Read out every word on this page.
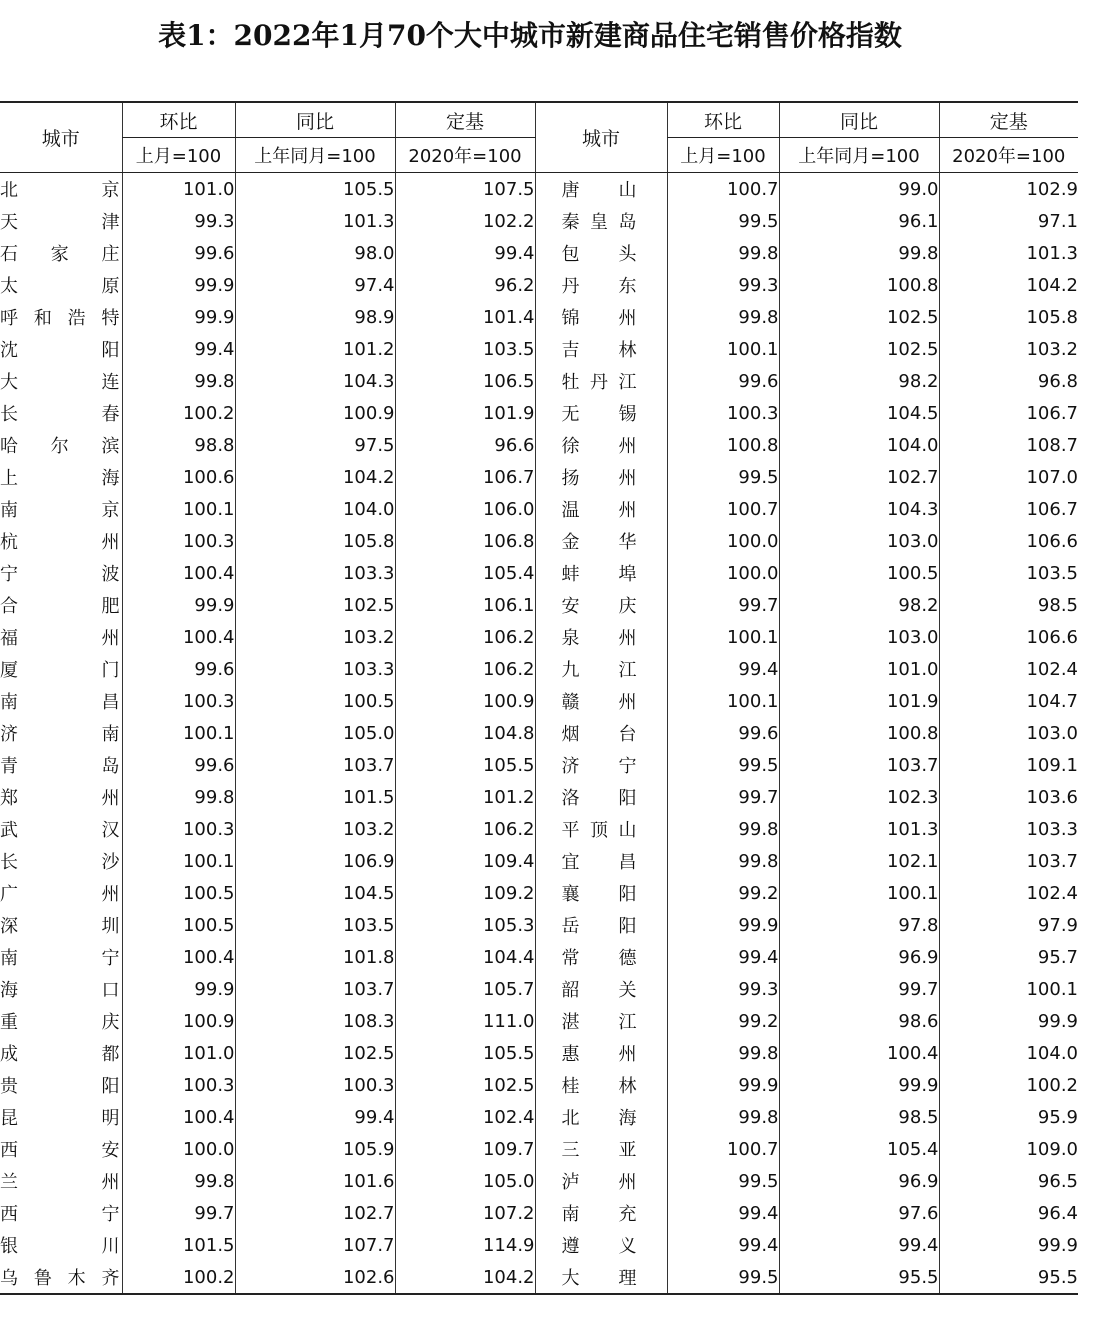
表1：2022年1月70个大中城市新建商品住宅销售价格指数
城市	环比	同比	定基	城市	环比	同比	定基
	上月=100	上年同月=100	2020年=100		上月=100	上年同月=100	2020年=100
北京	101.0	105.5	107.5	唐山	100.7	99.0	102.9
天津	99.3	101.3	102.2	秦皇岛	99.5	96.1	97.1
石家庄	99.6	98.0	99.4	包头	99.8	99.8	101.3
太原	99.9	97.4	96.2	丹东	99.3	100.8	104.2
呼和浩特	99.9	98.9	101.4	锦州	99.8	102.5	105.8
沈阳	99.4	101.2	103.5	吉林	100.1	102.5	103.2
大连	99.8	104.3	106.5	牡丹江	99.6	98.2	96.8
长春	100.2	100.9	101.9	无锡	100.3	104.5	106.7
哈尔滨	98.8	97.5	96.6	徐州	100.8	104.0	108.7
上海	100.6	104.2	106.7	扬州	99.5	102.7	107.0
南京	100.1	104.0	106.0	温州	100.7	104.3	106.7
杭州	100.3	105.8	106.8	金华	100.0	103.0	106.6
宁波	100.4	103.3	105.4	蚌埠	100.0	100.5	103.5
合肥	99.9	102.5	106.1	安庆	99.7	98.2	98.5
福州	100.4	103.2	106.2	泉州	100.1	103.0	106.6
厦门	99.6	103.3	106.2	九江	99.4	101.0	102.4
南昌	100.3	100.5	100.9	赣州	100.1	101.9	104.7
济南	100.1	105.0	104.8	烟台	99.6	100.8	103.0
青岛	99.6	103.7	105.5	济宁	99.5	103.7	109.1
郑州	99.8	101.5	101.2	洛阳	99.7	102.3	103.6
武汉	100.3	103.2	106.2	平顶山	99.8	101.3	103.3
长沙	100.1	106.9	109.4	宜昌	99.8	102.1	103.7
广州	100.5	104.5	109.2	襄阳	99.2	100.1	102.4
深圳	100.5	103.5	105.3	岳阳	99.9	97.8	97.9
南宁	100.4	101.8	104.4	常德	99.4	96.9	95.7
海口	99.9	103.7	105.7	韶关	99.3	99.7	100.1
重庆	100.9	108.3	111.0	湛江	99.2	98.6	99.9
成都	101.0	102.5	105.5	惠州	99.8	100.4	104.0
贵阳	100.3	100.3	102.5	桂林	99.9	99.9	100.2
昆明	100.4	99.4	102.4	北海	99.8	98.5	95.9
西安	100.0	105.9	109.7	三亚	100.7	105.4	109.0
兰州	99.8	101.6	105.0	泸州	99.5	96.9	96.5
西宁	99.7	102.7	107.2	南充	99.4	97.6	96.4
银川	101.5	107.7	114.9	遵义	99.4	99.4	99.9
乌鲁木齐	100.2	102.6	104.2	大理	99.5	95.5	95.5
